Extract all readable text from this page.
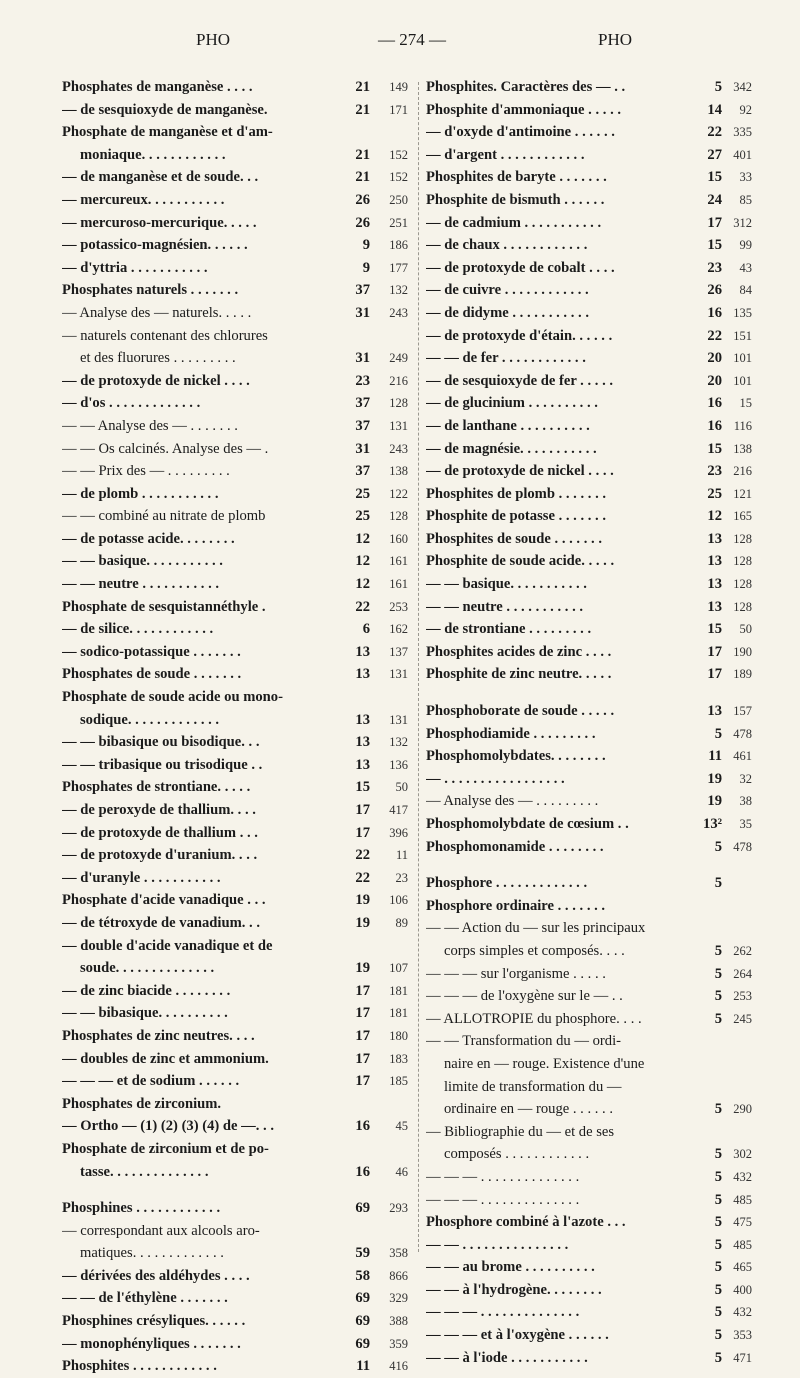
PHO	— 274 —	PHO
Phosphates de manganèse . . . .	21	149
— de sesquioxyde de manganèse.	21	171
Phosphate de manganèse et d'am-
moniaque. . . . . . . . . . . .	21	152
— de manganèse et de soude. . .	21	152
— mercureux. . . . . . . . . . .	26	250
— mercuroso-mercurique. . . . .	26	251
— potassico-magnésien. . . . . .	9	186
— d'yttria . . . . . . . . . . .	9	177
Phosphates naturels . . . . . . .	37	132
— Analyse des — naturels. . . . .	31	243
— naturels contenant des chlorures
et des fluorures . . . . . . . . .	31	249
— de protoxyde de nickel . . . .	23	216
— d'os . . . . . . . . . . . . .	37	128
— — Analyse des — . . . . . . .	37	131
— — Os calcinés. Analyse des — .	31	243
— — Prix des — . . . . . . . . .	37	138
— de plomb . . . . . . . . . . .	25	122
— — combiné au nitrate de plomb	25	128
— de potasse acide. . . . . . . .	12	160
— — basique. . . . . . . . . . .	12	161
— — neutre . . . . . . . . . . .	12	161
Phosphate de sesquistannéthyle .	22	253
— de silice. . . . . . . . . . . .	6	162
— sodico-potassique . . . . . . .	13	137
Phosphates de soude . . . . . . .	13	131
Phosphate de soude acide ou mono-
sodique. . . . . . . . . . . . .	13	131
— — bibasique ou bisodique. . .	13	132
— — tribasique ou trisodique . .	13	136
Phosphates de strontiane. . . . .	15	50
— de peroxyde de thallium. . . .	17	417
— de protoxyde de thallium . . .	17	396
— de protoxyde d'uranium. . . .	22	11
— d'uranyle . . . . . . . . . . .	22	23
Phosphate d'acide vanadique . . .	19	106
— de tétroxyde de vanadium. . .	19	89
— double d'acide vanadique et de
soude. . . . . . . . . . . . . .	19	107
— de zinc biacide . . . . . . . .	17	181
— — bibasique. . . . . . . . . .	17	181
Phosphates de zinc neutres. . . .	17	180
— doubles de zinc et ammonium.	17	183
— — — et de sodium . . . . . .	17	185
Phosphates de zirconium.
— Ortho — (1) (2) (3) (4) de —. . .	16	45
Phosphate de zirconium et de po-
tasse. . . . . . . . . . . . . .	16	46
Phosphines . . . . . . . . . . . .	69	293
— correspondant aux alcools aro-
matiques. . . . . . . . . . . . .	59	358
— dérivées des aldéhydes . . . .	58	866
— — de l'éthylène . . . . . . .	69	329
Phosphines crésyliques. . . . . .	69	388
— monophényliques . . . . . . .	69	359
Phosphites . . . . . . . . . . . .	11	416
Phosphites. Caractères des — . .	5 342
Phosphite d'ammoniaque . . . . .	14	92
— d'oxyde d'antimoine . . . . . .	22 335
— d'argent . . . . . . . . . . . .	27 401
Phosphites de baryte . . . . . . .	15	33
Phosphite de bismuth . . . . . .	24	85
— de cadmium . . . . . . . . . . .	17 312
— de chaux . . . . . . . . . . . .	15	99
— de protoxyde de cobalt . . . .	23	43
— de cuivre . . . . . . . . . . . .	26	84
— de didyme . . . . . . . . . . .	16 135
— de protoxyde d'étain. . . . . .	22 151
— — de fer . . . . . . . . . . . .	20 101
— de sesquioxyde de fer . . . . .	20 101
— de glucinium . . . . . . . . . .	16	15
— de lanthane . . . . . . . . . .	16 116
— de magnésie. . . . . . . . . . .	15 138
— de protoxyde de nickel . . . .	23 216
Phosphites de plomb . . . . . . .	25 121
Phosphite de potasse . . . . . . .	12 165
Phosphites de soude . . . . . . .	13 128
Phosphite de soude acide. . . . .	13 128
— — basique. . . . . . . . . . .	13 128
— — neutre . . . . . . . . . . .	13 128
— de strontiane . . . . . . . . .	15	50
Phosphites acides de zinc . . . .	17 190
Phosphite de zinc neutre. . . . .	17 189
Phosphoborate de soude . . . . .	13 157
Phosphodiamide . . . . . . . . .	5 478
Phosphomolybdates. . . . . . . .	11 461
— . . . . . . . . . . . . . . . . .	19	32
— Analyse des — . . . . . . . . .	19	38
Phosphomolybdate de cœsium . .	13²	35
Phosphomonamide . . . . . . . .	5 478
Phosphore . . . . . . . . . . . . .	5
Phosphore ordinaire . . . . . . .
— — Action du — sur les principaux
corps simples et composés. . . .	5 262
— — — sur l'organisme . . . . .	5 264
— — — de l'oxygène sur le — . .	5 253
— ALLOTROPIE du phosphore. . . .	5 245
— — Transformation du — ordi-
naire en — rouge. Existence d'une
limite de transformation du —
ordinaire en — rouge . . . . . .	5 290
— Bibliographie du — et de ses
composés . . . . . . . . . . . .	5 302
— — — . . . . . . . . . . . . . .	5 432
— — — . . . . . . . . . . . . . .	5 485
Phosphore combiné à l'azote . . .	5 475
— — . . . . . . . . . . . . . . .	5 485
— — au brome . . . . . . . . . .	5 465
— — à l'hydrogène. . . . . . . .	5 400
— — — . . . . . . . . . . . . . .	5 432
— — — et à l'oxygène . . . . . .	5 353
— — à l'iode . . . . . . . . . . .	5 471
